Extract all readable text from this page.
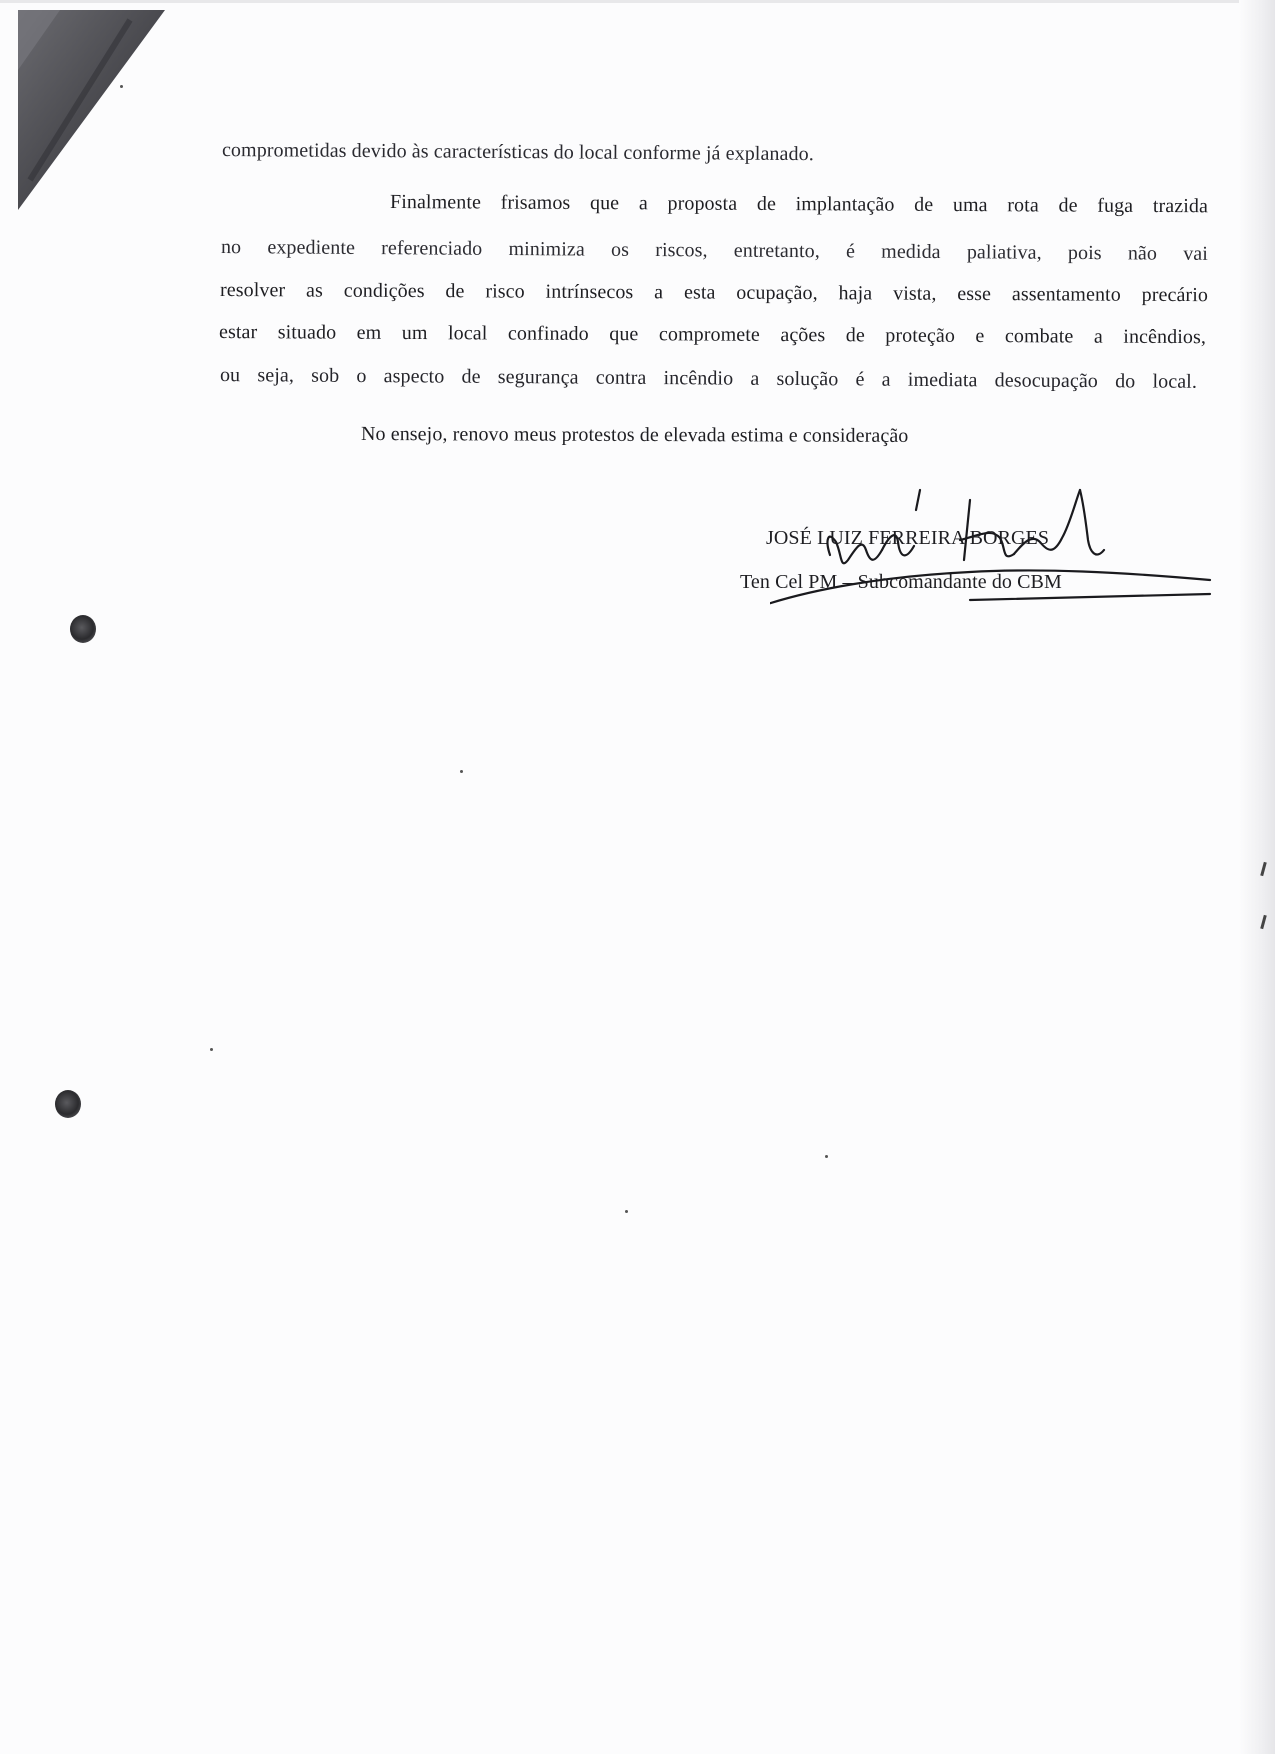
comprometidas devido às características do local conforme já explanado.
Finalmente frisamos que a proposta de implantação de uma rota de fuga trazida
no expediente referenciado minimiza os riscos, entretanto, é medida paliativa, pois não vai
resolver as condições de risco intrínsecos a esta ocupação, haja vista, esse assentamento precário
estar situado em um local confinado que compromete ações de proteção e combate a incêndios,
ou seja, sob o aspecto de segurança contra incêndio a solução é a imediata desocupação do local.
No ensejo, renovo meus protestos de elevada estima e consideração
JOSÉ LUIZ FERREIRA BORGES
Ten Cel PM – Subcomandante do CBM
